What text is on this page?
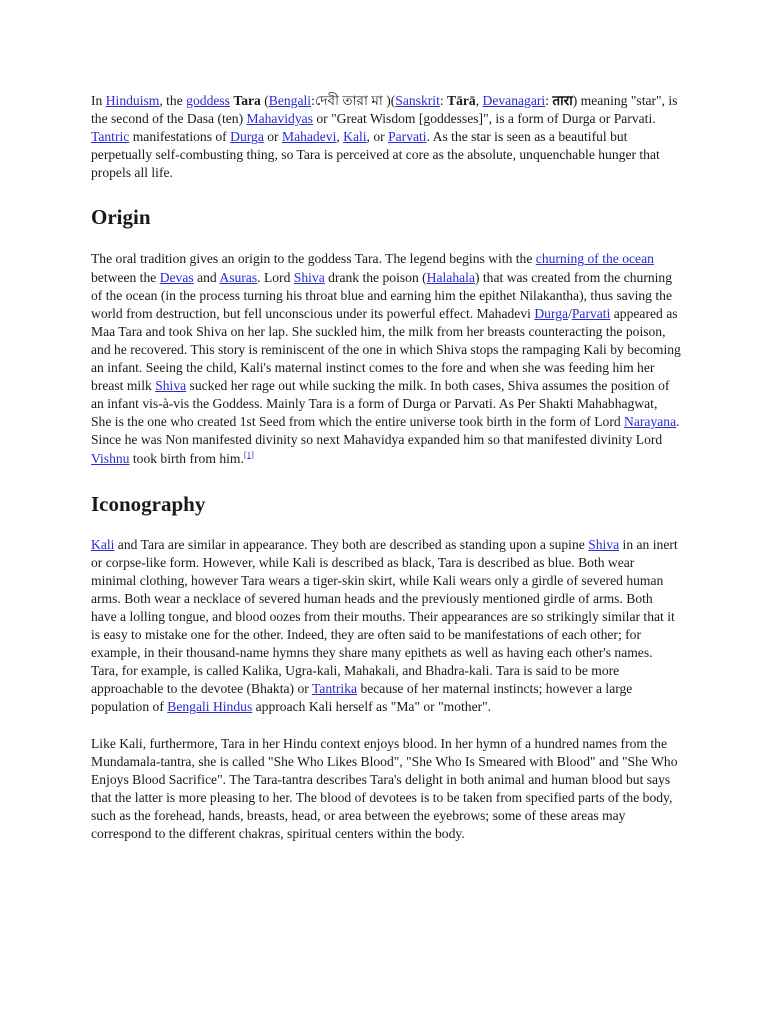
In Hinduism, the goddess Tara (Bengali:দেবী তারা মা )(Sanskrit: Tārā, Devanagari: तारा) meaning "star", is the second of the Dasa (ten) Mahavidyas or "Great Wisdom [goddesses]", is a form of Durga or Parvati. Tantric manifestations of Durga or Mahadevi, Kali, or Parvati. As the star is seen as a beautiful but perpetually self-combusting thing, so Tara is perceived at core as the absolute, unquenchable hunger that propels all life.

Origin

The oral tradition gives an origin to the goddess Tara. The legend begins with the churning of the ocean between the Devas and Asuras. Lord Shiva drank the poison (Halahala) that was created from the churning of the ocean (in the process turning his throat blue and earning him the epithet Nilakantha), thus saving the world from destruction, but fell unconscious under its powerful effect. Mahadevi Durga/Parvati appeared as Maa Tara and took Shiva on her lap. She suckled him, the milk from her breasts counteracting the poison, and he recovered. This story is reminiscent of the one in which Shiva stops the rampaging Kali by becoming an infant. Seeing the child, Kali's maternal instinct comes to the fore and when she was feeding him her breast milk Shiva sucked her rage out while sucking the milk. In both cases, Shiva assumes the position of an infant vis-à-vis the Goddess. Mainly Tara is a form of Durga or Parvati. As Per Shakti Mahabhagwat, She is the one who created 1st Seed from which the entire universe took birth in the form of Lord Narayana. Since he was Non manifested divinity so next Mahavidya expanded him so that manifested divinity Lord Vishnu took birth from him.[1]

Iconography

Kali and Tara are similar in appearance. They both are described as standing upon a supine Shiva in an inert or corpse-like form. However, while Kali is described as black, Tara is described as blue. Both wear minimal clothing, however Tara wears a tiger-skin skirt, while Kali wears only a girdle of severed human arms. Both wear a necklace of severed human heads and the previously mentioned girdle of arms. Both have a lolling tongue, and blood oozes from their mouths. Their appearances are so strikingly similar that it is easy to mistake one for the other. Indeed, they are often said to be manifestations of each other; for example, in their thousand-name hymns they share many epithets as well as having each other's names. Tara, for example, is called Kalika, Ugra-kali, Mahakali, and Bhadra-kali. Tara is said to be more approachable to the devotee (Bhakta) or Tantrika because of her maternal instincts; however a large population of Bengali Hindus approach Kali herself as "Ma" or "mother".

Like Kali, furthermore, Tara in her Hindu context enjoys blood. In her hymn of a hundred names from the Mundamala-tantra, she is called "She Who Likes Blood", "She Who Is Smeared with Blood" and "She Who Enjoys Blood Sacrifice". The Tara-tantra describes Tara's delight in both animal and human blood but says that the latter is more pleasing to her. The blood of devotees is to be taken from specified parts of the body, such as the forehead, hands, breasts, head, or area between the eyebrows; some of these areas may correspond to the different chakras, spiritual centers within the body.
